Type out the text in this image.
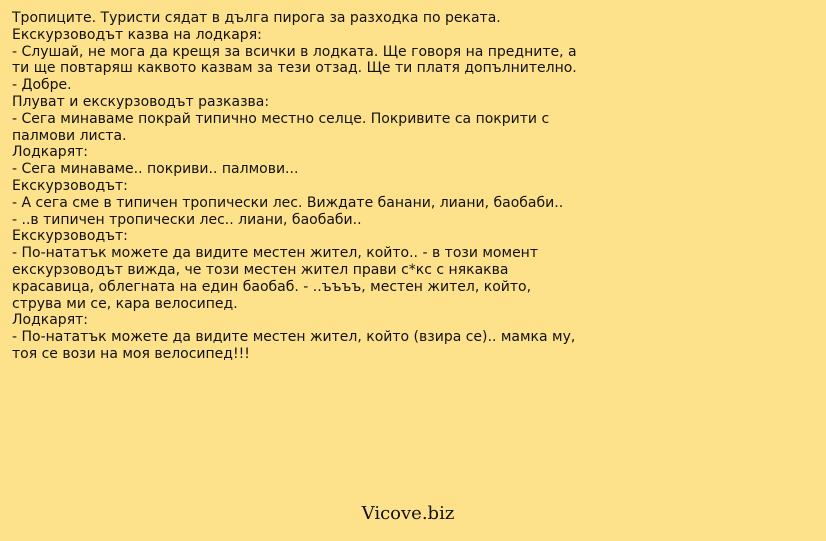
Тропиците. Туристи сядат в дълга пирога за разходка по реката.
Екскурзоводът казва на лодкаря:
- Слушай, не мога да крещя за всички в лодката. Ще говоря на предните, а ти ще повтаряш каквото казвам за тези отзад. Ще ти платя допълнително.
- Добре.
Плуват и екскурзоводът разказва:
- Сега минаваме покрай типично местно селце. Покривите са покрити с палмови листа.
Лодкарят:
- Сега минаваме.. покриви.. палмови...
Екскурзоводът:
- А сега сме в типичен тропически лес. Виждате банани, лиани, баобаби..
- ..в типичен тропически лес.. лиани, баобаби..
Екскурзоводът:
- По-нататък можете да видите местен жител, който.. - в този момент екскурзоводът вижда, че този местен жител прави с*кс с някаква красавица, облегната на един баобаб. - ..ъъъъ, местен жител, който, струва ми се, кара велосипед.
Лодкарят:
- По-нататък можете да видите местен жител, който (взира се).. мамка му, тоя се вози на моя велосипед!!!
Vicove.biz
